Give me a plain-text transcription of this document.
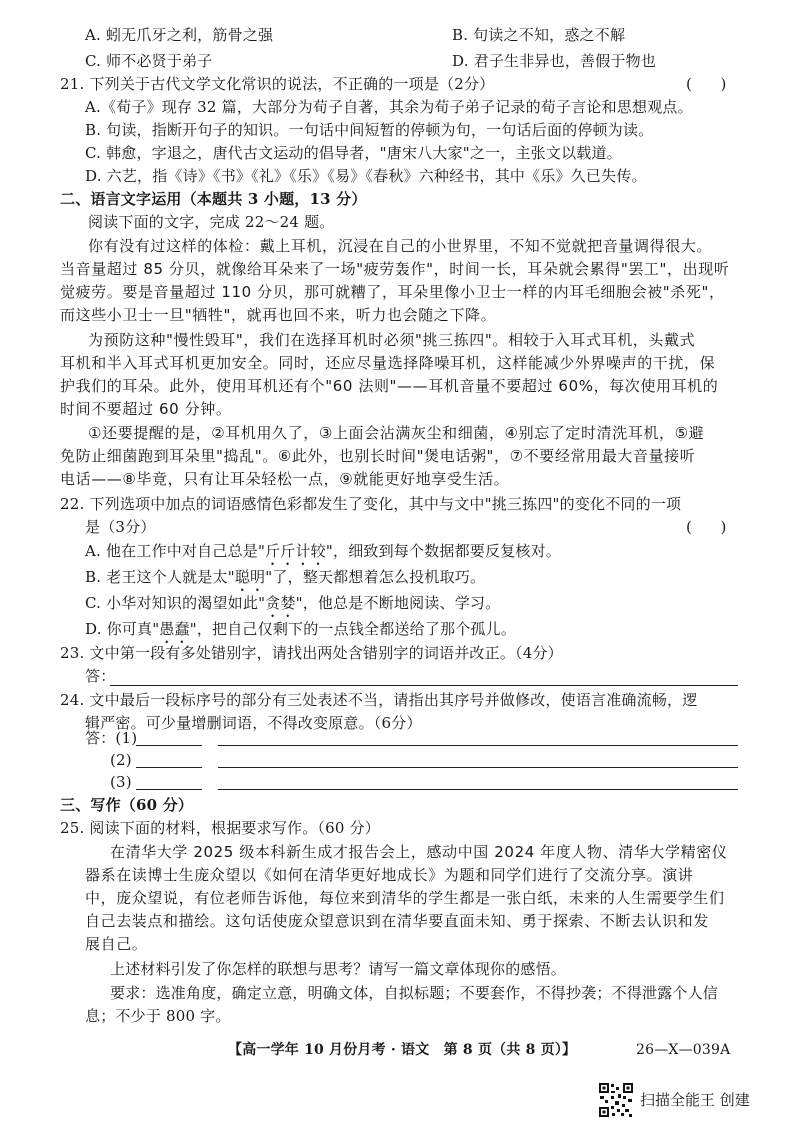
A. 蚓无爪牙之利，筋骨之强	B. 句读之不知，惑之不解
C. 师不必贤于弟子	D. 君子生非异也，善假于物也
21. 下列关于古代文学文化常识的说法，不正确的一项是（2分）	(      )
A.《荀子》现存 32 篇，大部分为荀子自著，其余为荀子弟子记录的荀子言论和思想观点。
B. 句读，指断开句子的知识。一句话中间短暂的停顿为句，一句话后面的停顿为读。
C. 韩愈，字退之，唐代古文运动的倡导者，"唐宋八大家"之一，主张文以载道。
D. 六艺，指《诗》《书》《礼》《乐》《易》《春秋》六种经书，其中《乐》久已失传。
二、语言文字运用（本题共 3 小题，13 分）
阅读下面的文字，完成 22～24 题。
你有没有过这样的体检：戴上耳机，沉浸在自己的小世界里，不知不觉就把音量调得很大。
当音量超过 85 分贝，就像给耳朵来了一场"疲劳轰作"，时间一长，耳朵就会累得"罢工"，出现听
觉疲劳。要是音量超过 110 分贝，那可就糟了，耳朵里像小卫士一样的内耳毛细胞会被"杀死"，
而这些小卫士一旦"牺牲"，就再也回不来，听力也会随之下降。
为预防这种"慢性毁耳"，我们在选择耳机时必须"挑三拣四"。相较于入耳式耳机，头戴式
耳机和半入耳式耳机更加安全。同时，还应尽量选择降噪耳机，这样能减少外界噪声的干扰，保
护我们的耳朵。此外，使用耳机还有个"60 法则"——耳机音量不要超过 60%，每次使用耳机的
时间不要超过 60 分钟。
①还要提醒的是，②耳机用久了，③上面会沾满灰尘和细菌，④别忘了定时清洗耳机，⑤避
免防止细菌跑到耳朵里"捣乱"。⑥此外，也别长时间"煲电话粥"，⑦不要经常用最大音量接听
电话——⑧毕竟，只有让耳朵轻松一点，⑨就能更好地享受生活。
22. 下列选项中加点的词语感情色彩都发生了变化，其中与文中"挑三拣四"的变化不同的一项
是（3分）	(      )
A. 他在工作中对自己总是"斤斤计较"，细致到每个数据都要反复核对。
B. 老王这个人就是太"聪明"了，整天都想着怎么投机取巧。
C. 小华对知识的渴望如此"贪婪"，他总是不断地阅读、学习。
D. 你可真"愚蠢"，把自己仅剩下的一点钱全都送给了那个孤儿。
23. 文中第一段有多处错别字，请找出两处含错别字的词语并改正。（4分）
答：
24. 文中最后一段标序号的部分有三处表述不当，请指出其序号并做修改，使语言准确流畅，逻
辑严密。可少量增删词语，不得改变原意。（6分）
答：(1)
(2)
(3)
三、写作（60 分）
25. 阅读下面的材料，根据要求写作。（60 分）
在清华大学 2025 级本科新生成才报告会上，感动中国 2024 年度人物、清华大学精密仪
器系在读博士生庞众望以《如何在清华更好地成长》为题和同学们进行了交流分享。演讲
中，庞众望说，有位老师告诉他，每位来到清华的学生都是一张白纸，未来的人生需要学生们
自己去装点和描绘。这句话使庞众望意识到在清华要直面未知、勇于探索、不断去认识和发
展自己。
上述材料引发了你怎样的联想与思考？请写一篇文章体现你的感悟。
要求：选准角度，确定立意，明确文体，自拟标题；不要套作，不得抄袭；不得泄露个人信
息；不少于 800 字。
【高一学年 10 月份月考 · 语文　第 8 页（共 8 页）】	26—X—039A
扫描全能王 创建
